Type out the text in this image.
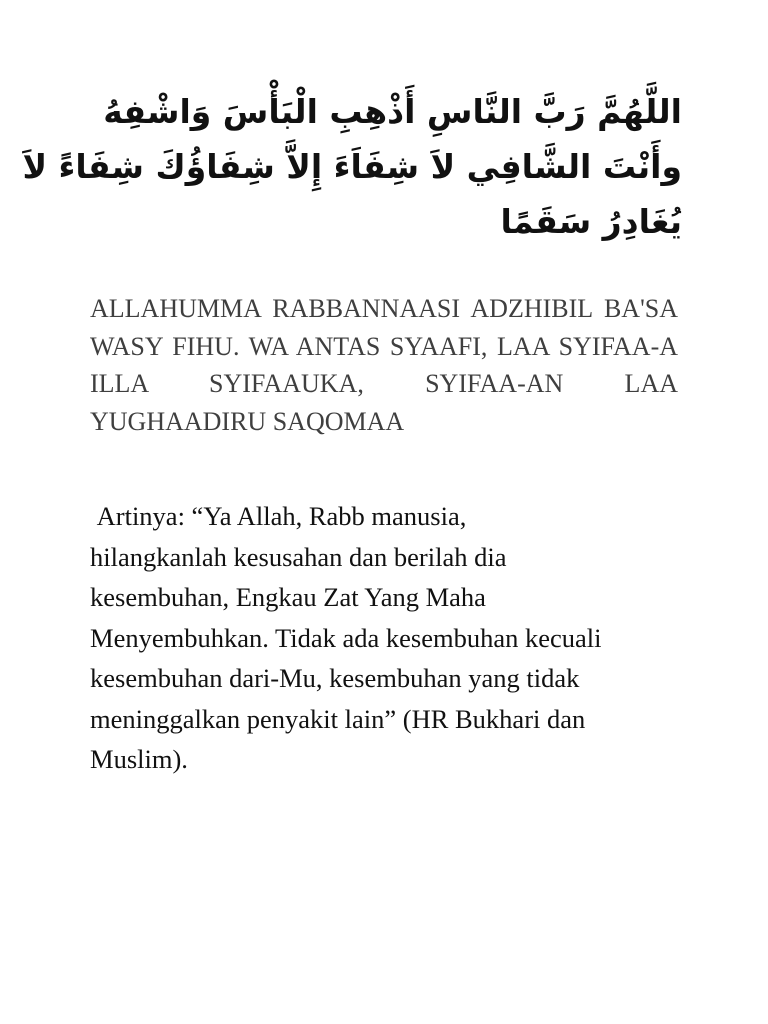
اللَّهُمَّ رَبَّ النَّاسِ أَذْهِبِ الْبَأْسَ وَاشْفِهُ
وأَنْتَ الشَّافِي لاَ شِفَاَءَ إِلاَّ شِفَاؤُكَ شِفَاءً لاَ
يُغَادِرُ سَقَمًا

ALLAHUMMA RABBANNAASI ADZHIBIL BA'SA WASY FIHU. WA ANTAS SYAAFI, LAA SYIFAA-A ILLA SYIFAAUKA, SYIFAA-AN LAA YUGHAADIRU SAQOMAA

Artinya: “Ya Allah, Rabb manusia,
hilangkanlah kesusahan dan berilah dia
kesembuhan, Engkau Zat Yang Maha
Menyembuhkan. Tidak ada kesembuhan kecuali
kesembuhan dari-Mu, kesembuhan yang tidak
meninggalkan penyakit lain” (HR Bukhari dan
Muslim).
